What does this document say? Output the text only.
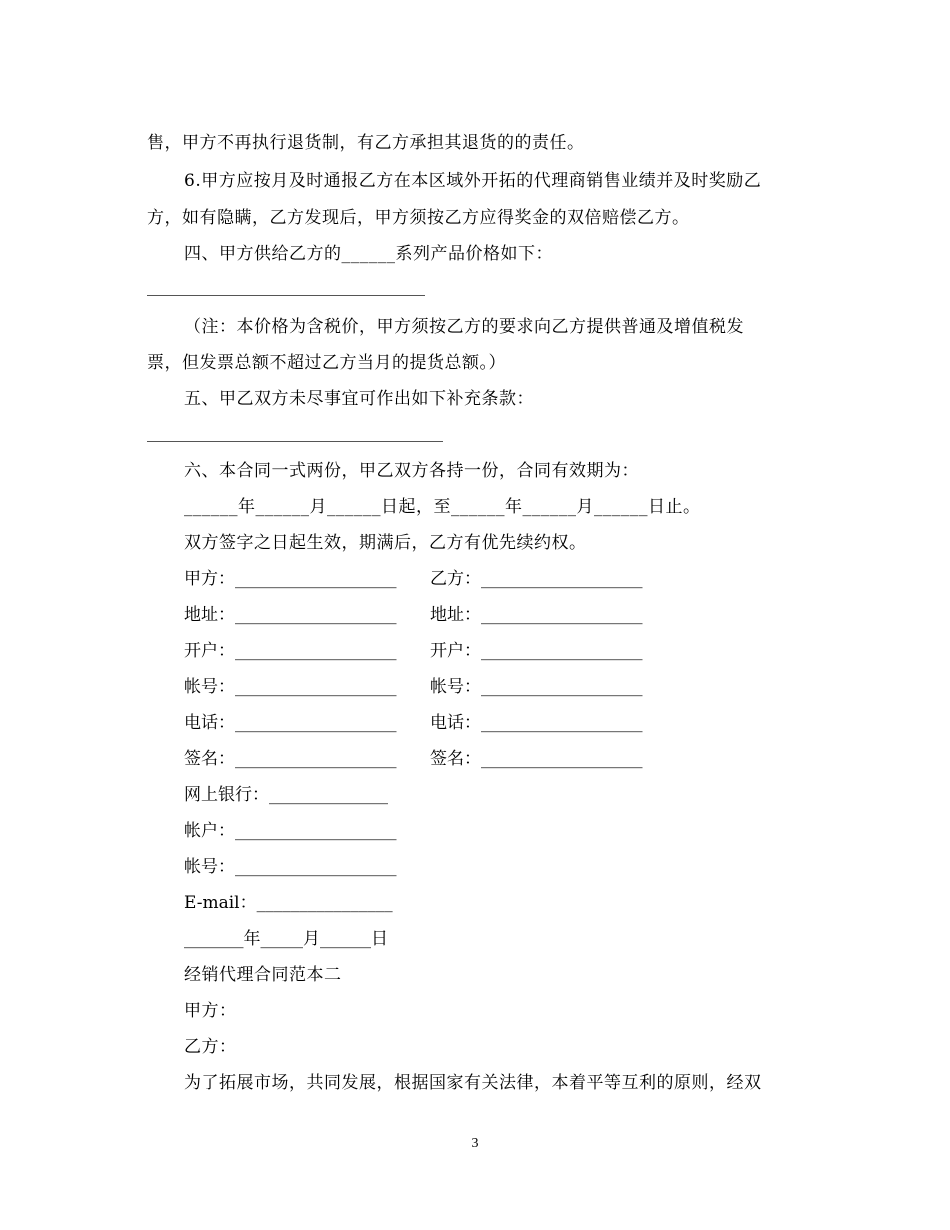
售，甲方不再执行退货制，有乙方承担其退货的的责任。
6.甲方应按月及时通报乙方在本区域外开拓的代理商销售业绩并及时奖励乙
方，如有隐瞒，乙方发现后，甲方须按乙方应得奖金的双倍赔偿乙方。
四、甲方供给乙方的______系列产品价格如下：
（注：本价格为含税价，甲方须按乙方的要求向乙方提供普通及增值税发
票，但发票总额不超过乙方当月的提货总额。）
五、甲乙双方未尽事宜可作出如下补充条款：
六、本合同一式两份，甲乙双方各持一份，合同有效期为：
______年______月______日起，至______年______月______日止。
双方签字之日起生效，期满后，乙方有优先续约权。
甲方：___________________
地址：___________________
开户：___________________
帐号：___________________
电话：___________________
签名：___________________
网上银行：______________
帐户：___________________
帐号：___________________
E-mail：________________
_______年_____月______日
乙方：___________________
地址：___________________
开户：___________________
帐号：___________________
电话：___________________
签名：___________________
经销代理合同范本二
甲方：
乙方：
为了拓展市场，共同发展，根据国家有关法律，本着平等互利的原则，经双
3
